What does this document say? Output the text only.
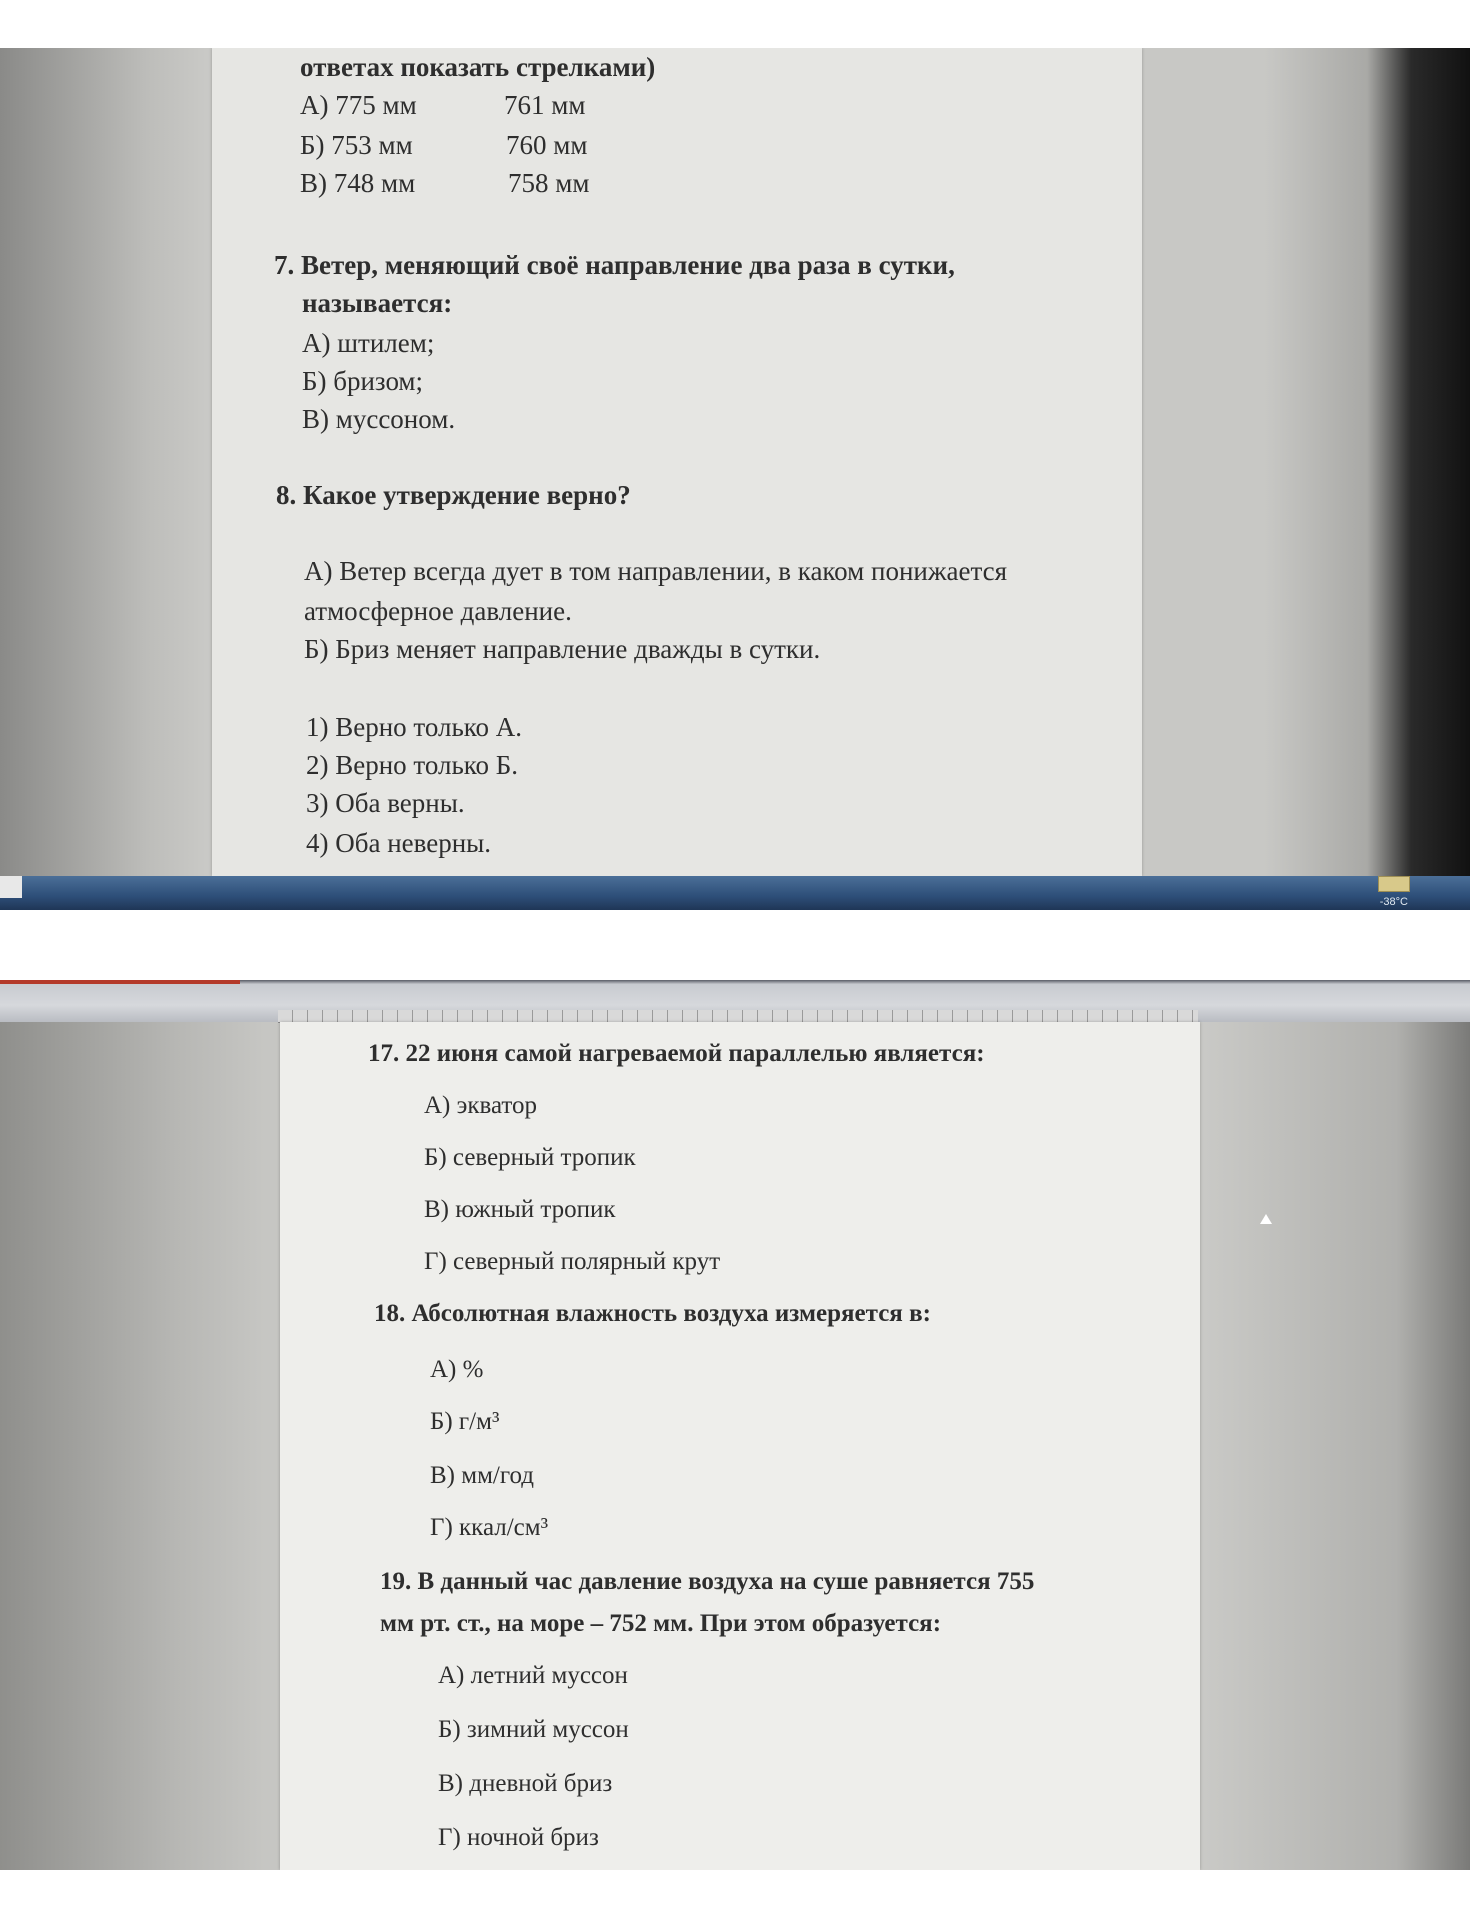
ответах показать стрелками)
А) 775 мм	761 мм
Б) 753 мм	760 мм
В) 748 мм	758 мм
7. Ветер, меняющий своё направление два раза в сутки,
называется:
А) штилем;
Б) бризом;
В) муссоном.
8. Какое утверждение верно?
А) Ветер всегда дует в том направлении, в каком понижается
атмосферное давление.
Б) Бриз меняет направление дважды в сутки.
1) Верно только А.
2) Верно только Б.
3) Оба верны.
4) Оба неверны.
-38°C
17. 22 июня самой нагреваемой параллелью является:
А) экватор
Б) северный тропик
В) южный тропик
Г) северный полярный крут
18. Абсолютная влажность воздуха измеряется в:
А) %
Б) г/м³
В) мм/год
Г) ккал/см³
19. В данный час давление воздуха на суше равняется 755
мм рт. ст., на море – 752 мм. При этом образуется:
А) летний муссон
Б) зимний муссон
В) дневной бриз
Г) ночной бриз
